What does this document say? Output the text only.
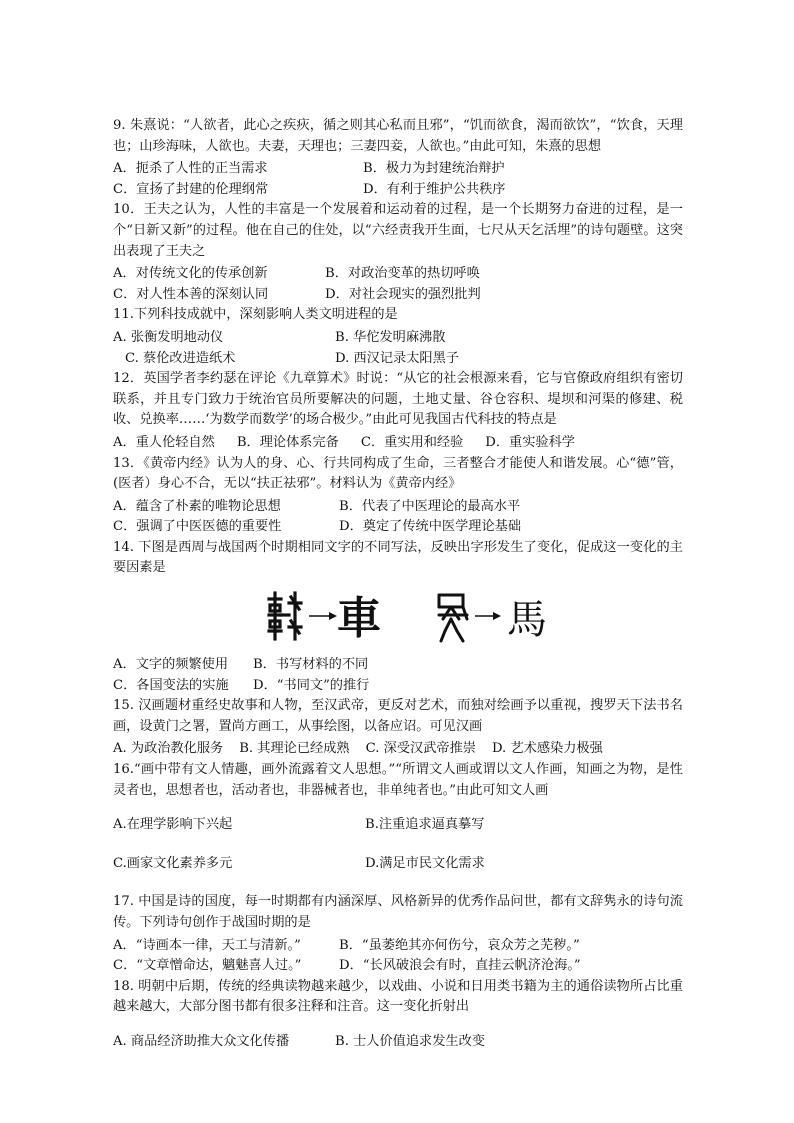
9. 朱熹说：“人欲者，此心之疾疢，循之则其心私而且邪”，“饥而欲食，渴而欲饮”，“饮食，天理也；山珍海味，人欲也。夫妻，天理也；三妻四妾，人欲也。”由此可知，朱熹的思想
A．扼杀了人性的正当需求	B．极力为封建统治辩护
C．宣扬了封建的伦理纲常	D．有利于维护公共秩序
10．王夫之认为，人性的丰富是一个发展着和运动着的过程，是一个长期努力奋进的过程，是一个“日新又新”的过程。他在自己的住处，以“六经责我开生面，七尺从天乞活埋”的诗句题壁。这突出表现了王夫之
A．对传统文化的传承创新	B．对政治变革的热切呼唤
C．对人性本善的深刻认同	D．对社会现实的强烈批判
11.下列科技成就中，深刻影响人类文明进程的是
A. 张衡发明地动仪	B. 华佗发明麻沸散
C. 蔡伦改进造纸术	D. 西汉记录太阳黑子
12．英国学者李约瑟在评论《九章算术》时说：“从它的社会根源来看，它与官僚政府组织有密切联系，并且专门致力于统治官员所要解决的问题，土地丈量、谷仓容积、堤坝和河渠的修建、税收、兑换率……‘为数学而数学’的场合极少。”由此可见我国古代科技的特点是
A．重人伦轻自然 B．理论体系完备 C．重实用和经验 D．重实验科学
13．《黄帝内经》认为人的身、心、行共同构成了生命，三者整合才能使人和谐发展。心“德”管，(医者）身心不合，无以“扶正祛邪”。材料认为《黄帝内经》
A．蕴含了朴素的唯物论思想	B．代表了中医理论的最高水平
C．强调了中医医德的重要性	D．奠定了传统中医学理论基础
14. 下图是西周与战国两个时期相同文字的不同写法，反映出字形发生了变化，促成这一变化的主要因素是
車	馬
A．文字的频繁使用	B．书写材料的不同
C．各国变法的实施	D．“书同文”的推行
15. 汉画题材重经史故事和人物，至汉武帝，更反对艺术，而独对绘画予以重视，搜罗天下法书名画，设黄门之署，置尚方画工，从事绘图，以备应诏。可见汉画
A. 为政治教化服务 B. 其理论已经成熟 C. 深受汉武帝推崇 D. 艺术感染力极强
16.“画中带有文人情趣，画外流露着文人思想。”“所谓文人画或谓以文人作画，知画之为物，是性灵者也，思想者也，活动者也，非器械者也，非单纯者也。”由此可知文人画
A.在理学影响下兴起	B.注重追求逼真摹写
C.画家文化素养多元	D.满足市民文化需求
17. 中国是诗的国度，每一时期都有内涵深厚、风格新异的优秀作品问世，都有文辞隽永的诗句流传。下列诗句创作于战国时期的是
A．“诗画本一律，天工与清新。”	B．“虽萎绝其亦何伤兮，哀众芳之芜秽。”
C．“文章憎命达，魑魅喜人过。”	D．“长风破浪会有时，直挂云帆济沧海。”
18. 明朝中后期，传统的经典读物越来越少，以戏曲、小说和日用类书籍为主的通俗读物所占比重越来越大，大部分图书都有很多注释和注音。这一变化折射出
A. 商品经济助推大众文化传播	B. 士人价值追求发生改变
